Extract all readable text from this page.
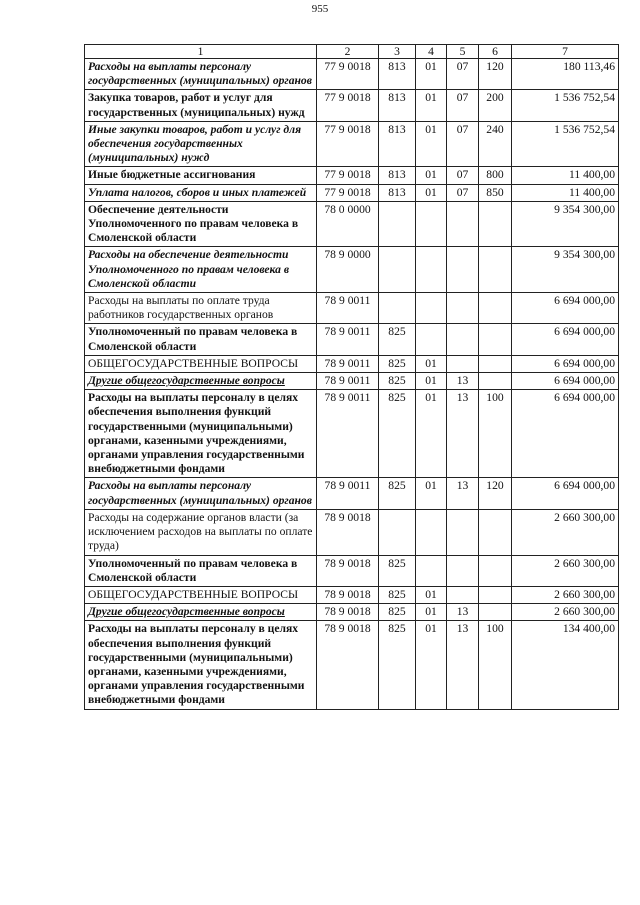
955
1	2	3	4	5	6	7
Расходы на выплаты персоналу государственных (муниципальных) органов	77 9 0018	813	01	07	120	180 113,46
Закупка товаров, работ и услуг для государственных (муниципальных) нужд	77 9 0018	813	01	07	200	1 536 752,54
Иные закупки товаров, работ и услуг для обеспечения государственных (муниципальных) нужд	77 9 0018	813	01	07	240	1 536 752,54
Иные бюджетные ассигнования	77 9 0018	813	01	07	800	11 400,00
Уплата налогов, сборов и иных платежей	77 9 0018	813	01	07	850	11 400,00
Обеспечение деятельности Уполномоченного по правам человека в Смоленской области	78 0 0000					9 354 300,00
Расходы на обеспечение деятельности Уполномоченного по правам человека в Смоленской области	78 9 0000					9 354 300,00
Расходы на выплаты по оплате труда работников государственных органов	78 9 0011					6 694 000,00
Уполномоченный по правам человека в Смоленской области	78 9 0011	825				6 694 000,00
ОБЩЕГОСУДАРСТВЕННЫЕ ВОПРОСЫ	78 9 0011	825	01			6 694 000,00
Другие общегосударственные вопросы	78 9 0011	825	01	13		6 694 000,00
Расходы на выплаты персоналу в целях обеспечения выполнения функций государственными (муниципальными) органами, казенными учреждениями, органами управления государственными внебюджетными фондами	78 9 0011	825	01	13	100	6 694 000,00
Расходы на выплаты персоналу государственных (муниципальных) органов	78 9 0011	825	01	13	120	6 694 000,00
Расходы на содержание органов власти (за исключением расходов на выплаты по оплате труда)	78 9 0018					2 660 300,00
Уполномоченный по правам человека в Смоленской области	78 9 0018	825				2 660 300,00
ОБЩЕГОСУДАРСТВЕННЫЕ ВОПРОСЫ	78 9 0018	825	01			2 660 300,00
Другие общегосударственные вопросы	78 9 0018	825	01	13		2 660 300,00
Расходы на выплаты персоналу в целях обеспечения выполнения функций государственными (муниципальными) органами, казенными учреждениями, органами управления государственными внебюджетными фондами	78 9 0018	825	01	13	100	134 400,00
